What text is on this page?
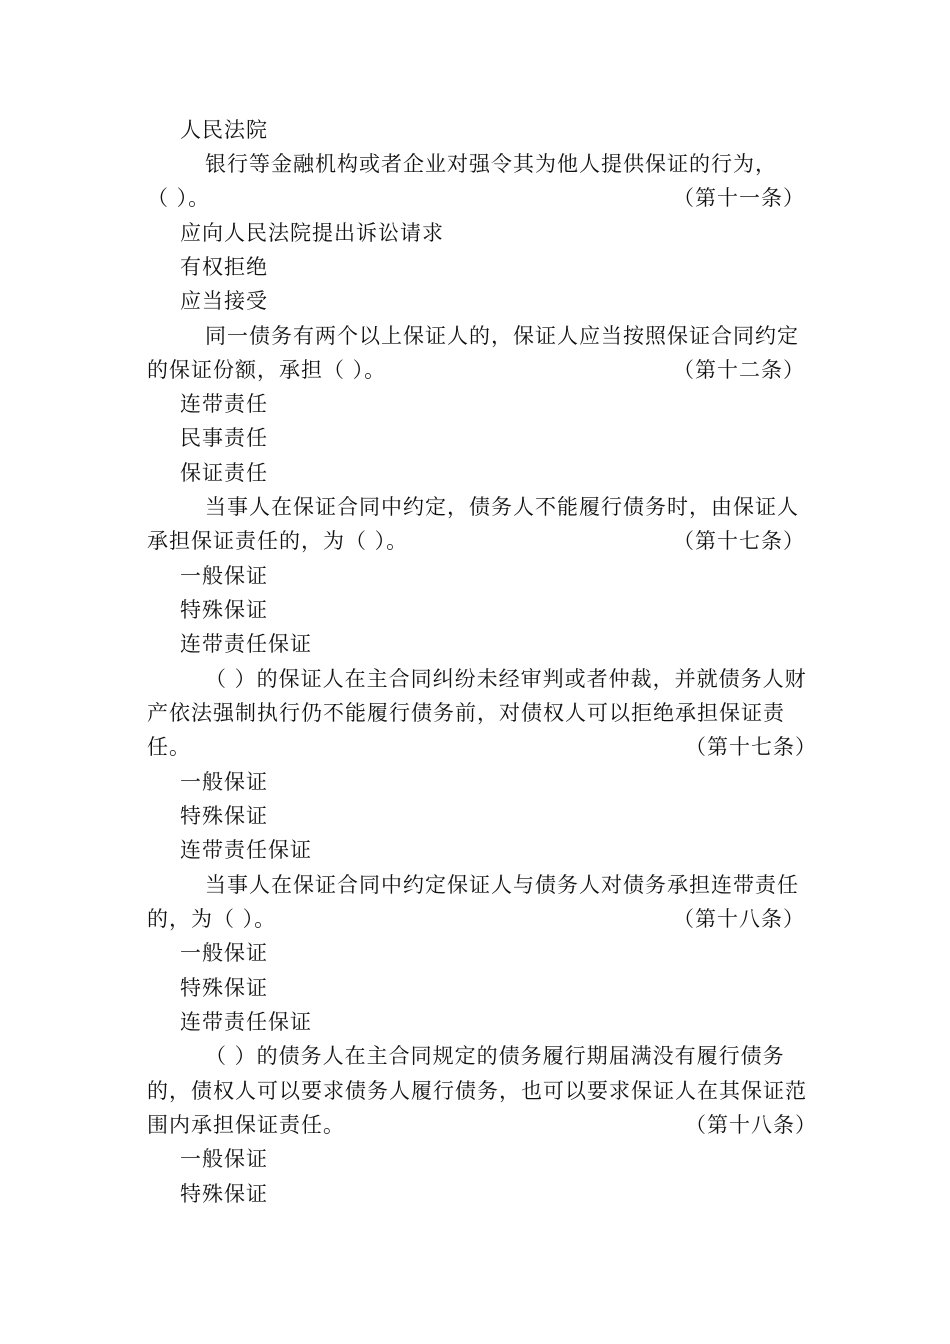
人民法院
银行等金融机构或者企业对强令其为他人提供保证的行为，
（ ）。	（第十一条）
应向人民法院提出诉讼请求
有权拒绝
应当接受
同一债务有两个以上保证人的，保证人应当按照保证合同约定
的保证份额，承担（ ）。	（第十二条）
连带责任
民事责任
保证责任
当事人在保证合同中约定，债务人不能履行债务时，由保证人
承担保证责任的，为（ ）。	（第十七条）
一般保证
特殊保证
连带责任保证
（ ）的保证人在主合同纠纷未经审判或者仲裁，并就债务人财
产依法强制执行仍不能履行债务前，对债权人可以拒绝承担保证责
任。	（第十七条）
一般保证
特殊保证
连带责任保证
当事人在保证合同中约定保证人与债务人对债务承担连带责任
的，为（ ）。	（第十八条）
一般保证
特殊保证
连带责任保证
（ ）的债务人在主合同规定的债务履行期届满没有履行债务
的，债权人可以要求债务人履行债务，也可以要求保证人在其保证范
围内承担保证责任。	（第十八条）
一般保证
特殊保证
